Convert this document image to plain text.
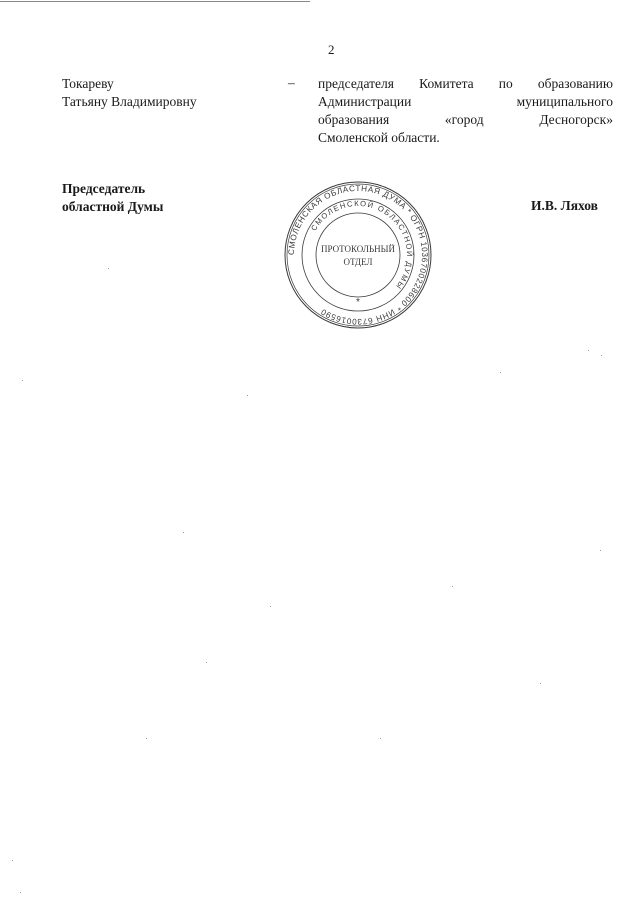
2
Токареву
Татьяну Владимировну
– председателя Комитета по образованию
Администрации	муниципального
образования	«город	Десногорск»
Смоленской области.
Председатель
областной Думы	И.В. Ляхов
СМОЛЕНСКАЯ ОБЛАСТНАЯ ДУМА * ОГРН 1036700228600 * ИНН 6730016590
СМОЛЕНСКОЙ ОБЛАСТНОЙ ДУМЫ
ПРОТОКОЛЬНЫЙ
ОТДЕЛ
*
